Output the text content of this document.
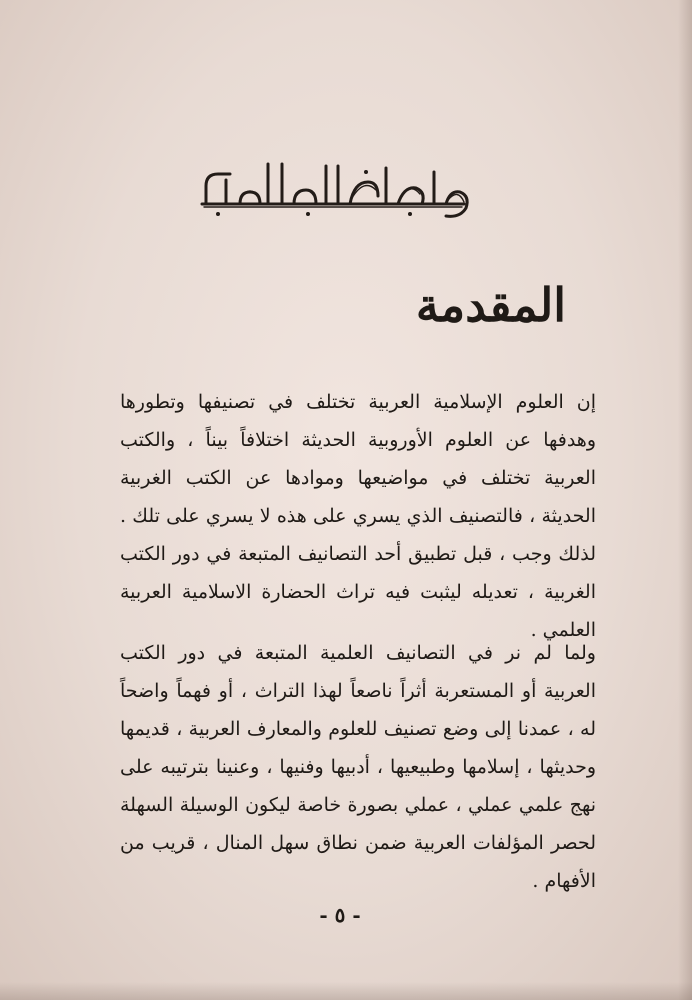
المقدمة

إن العلوم الإسلامية العربية تختلف في تصنيفها وتطورها وهدفها عن العلوم الأوروبية الحديثة اختلافاً بيناً ، والكتب العربية تختلف في مواضيعها وموادها عن الكتب الغربية الحديثة ، فالتصنيف الذي يسري على هذه لا يسري على تلك . لذلك وجب ، قبل تطبيق أحد التصانيف المتبعة في دور الكتب الغربية ، تعديله ليثبت فيه تراث الحضارة الاسلامية العربية العلمي .

ولما لم نر في التصانيف العلمية المتبعة في دور الكتب العربية أو المستعربة أثراً ناصعاً لهذا التراث ، أو فهماً واضحاً له ، عمدنا إلى وضع تصنيف للعلوم والمعارف العربية ، قديمها وحديثها ، إسلامها وطبيعيها ، أدبيها وفنيها ، وعنينا بترتيبه على نهج علمي عملي ، عملي بصورة خاصة ليكون الوسيلة السهلة لحصر المؤلفات العربية ضمن نطاق سهل المنال ، قريب من الأفهام .

- ٥ -
